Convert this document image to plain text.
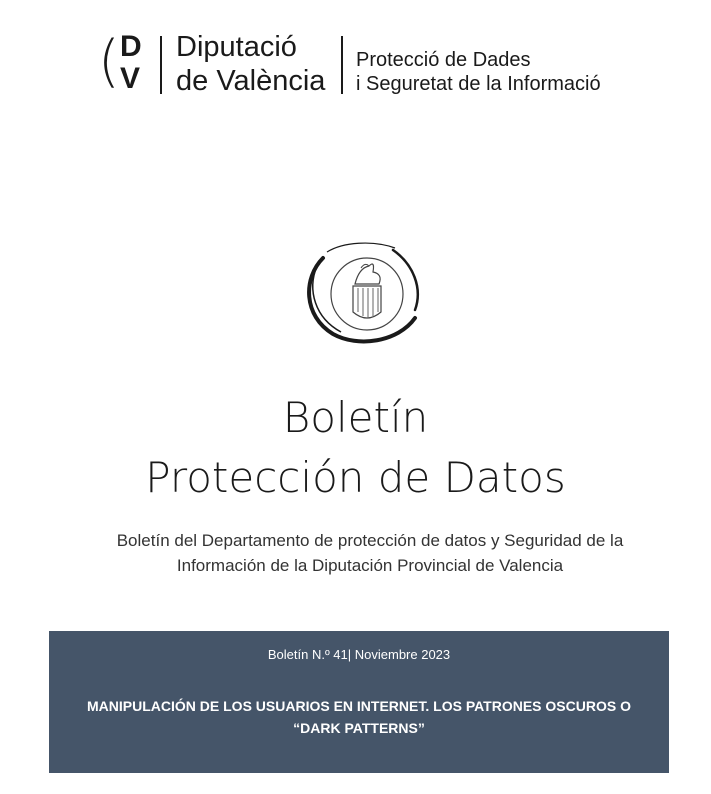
( D
V
Diputació
de València
Protecció de Dades
i Seguretat de la Informació
Boletín
Protección de Datos
Boletín del Departamento de protección de datos y Seguridad de la Información de la Diputación Provincial de Valencia
Boletín N.º 41| Noviembre 2023
MANIPULACIÓN DE LOS USUARIOS EN INTERNET. LOS PATRONES OSCUROS O “DARK PATTERNS”
